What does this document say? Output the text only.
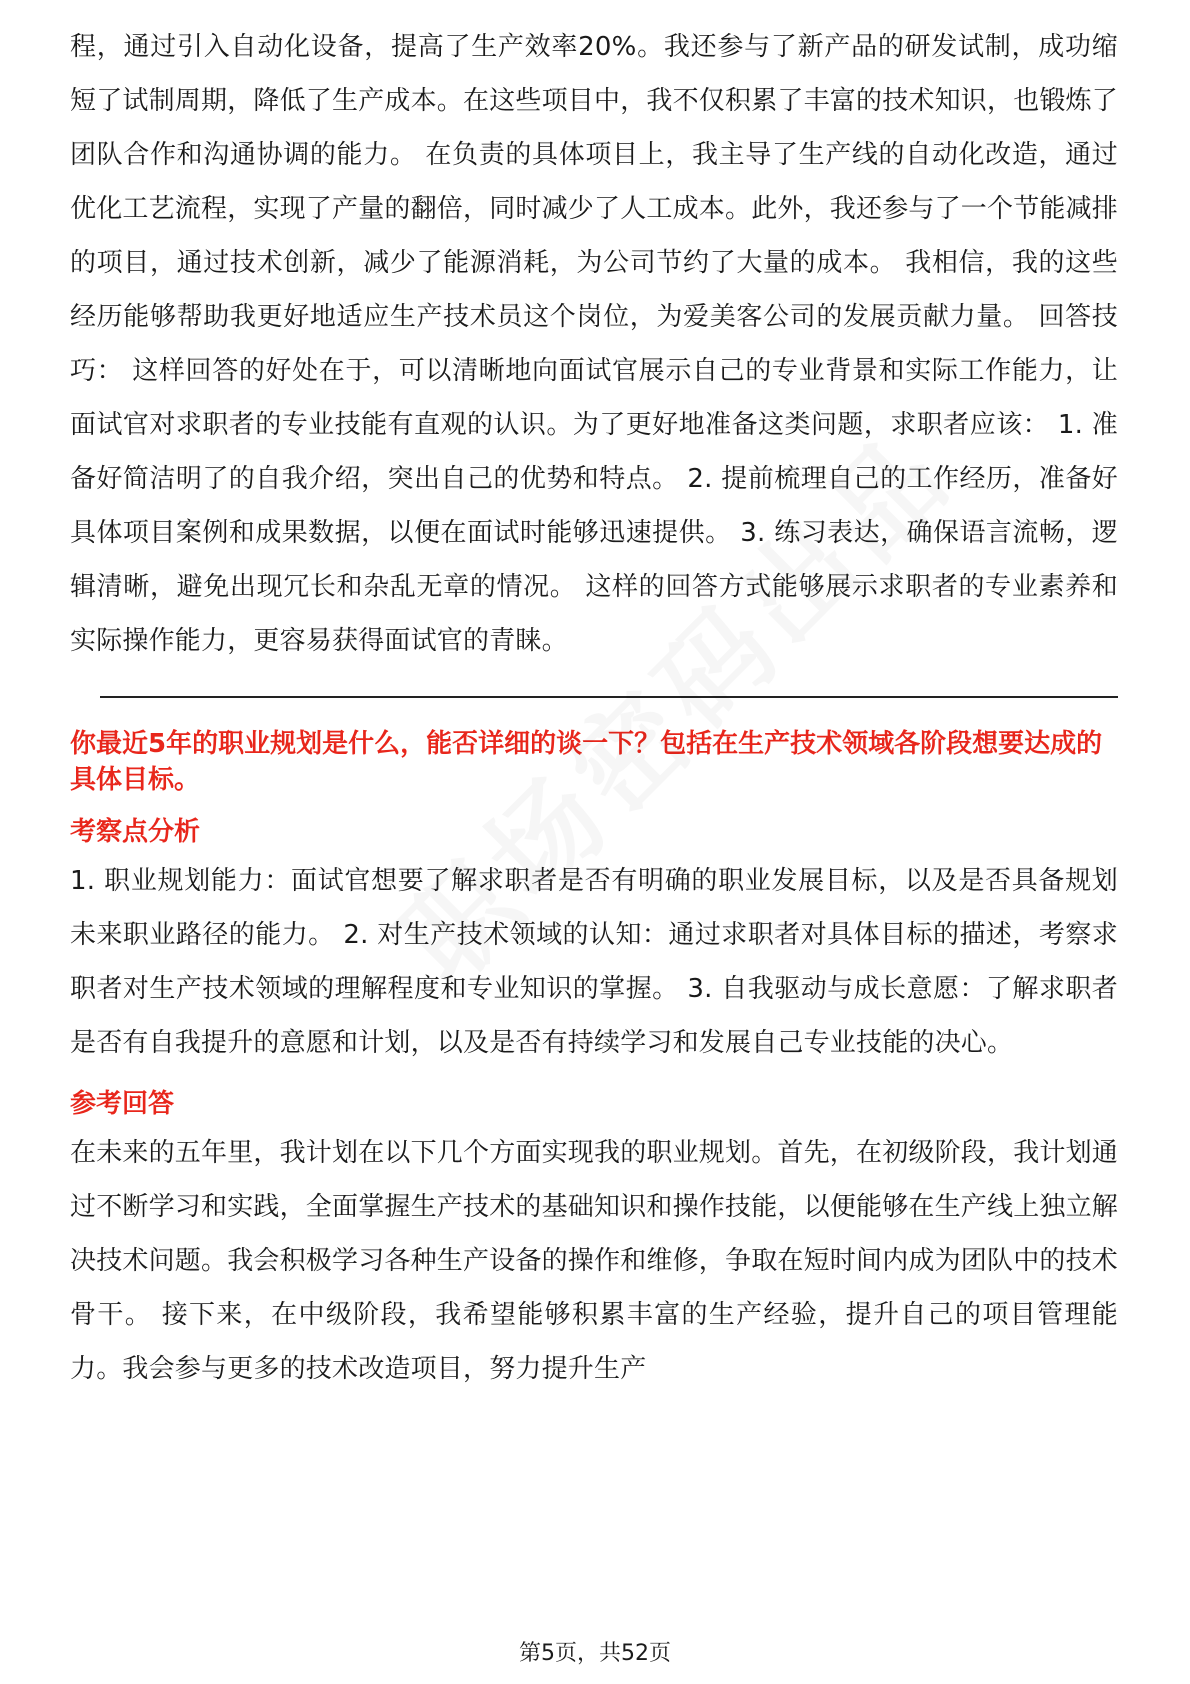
程，通过引入自动化设备，提高了生产效率20%。我还参与了新产品的研发试制，成功缩短了试制周期，降低了生产成本。在这些项目中，我不仅积累了丰富的技术知识，也锻炼了团队合作和沟通协调的能力。 在负责的具体项目上，我主导了生产线的自动化改造，通过优化工艺流程，实现了产量的翻倍，同时减少了人工成本。此外，我还参与了一个节能减排的项目，通过技术创新，减少了能源消耗，为公司节约了大量的成本。 我相信，我的这些经历能够帮助我更好地适应生产技术员这个岗位，为爱美客公司的发展贡献力量。 回答技巧： 这样回答的好处在于，可以清晰地向面试官展示自己的专业背景和实际工作能力，让面试官对求职者的专业技能有直观的认识。为了更好地准备这类问题，求职者应该： 1. 准备好简洁明了的自我介绍，突出自己的优势和特点。 2. 提前梳理自己的工作经历，准备好具体项目案例和成果数据，以便在面试时能够迅速提供。 3. 练习表达，确保语言流畅，逻辑清晰，避免出现冗长和杂乱无章的情况。 这样的回答方式能够展示求职者的专业素养和实际操作能力，更容易获得面试官的青睐。

你最近5年的职业规划是什么，能否详细的谈一下？包括在生产技术领域各阶段想要达成的具体目标。

考察点分析

1. 职业规划能力：面试官想要了解求职者是否有明确的职业发展目标，以及是否具备规划未来职业路径的能力。 2. 对生产技术领域的认知：通过求职者对具体目标的描述，考察求职者对生产技术领域的理解程度和专业知识的掌握。 3. 自我驱动与成长意愿：了解求职者是否有自我提升的意愿和计划，以及是否有持续学习和发展自己专业技能的决心。

参考回答

在未来的五年里，我计划在以下几个方面实现我的职业规划。首先，在初级阶段，我计划通过不断学习和实践，全面掌握生产技术的基础知识和操作技能，以便能够在生产线上独立解决技术问题。我会积极学习各种生产设备的操作和维修，争取在短时间内成为团队中的技术骨干。 接下来，在中级阶段，我希望能够积累丰富的生产经验，提升自己的项目管理能力。我会参与更多的技术改造项目，努力提升生产

第5页，共52页
